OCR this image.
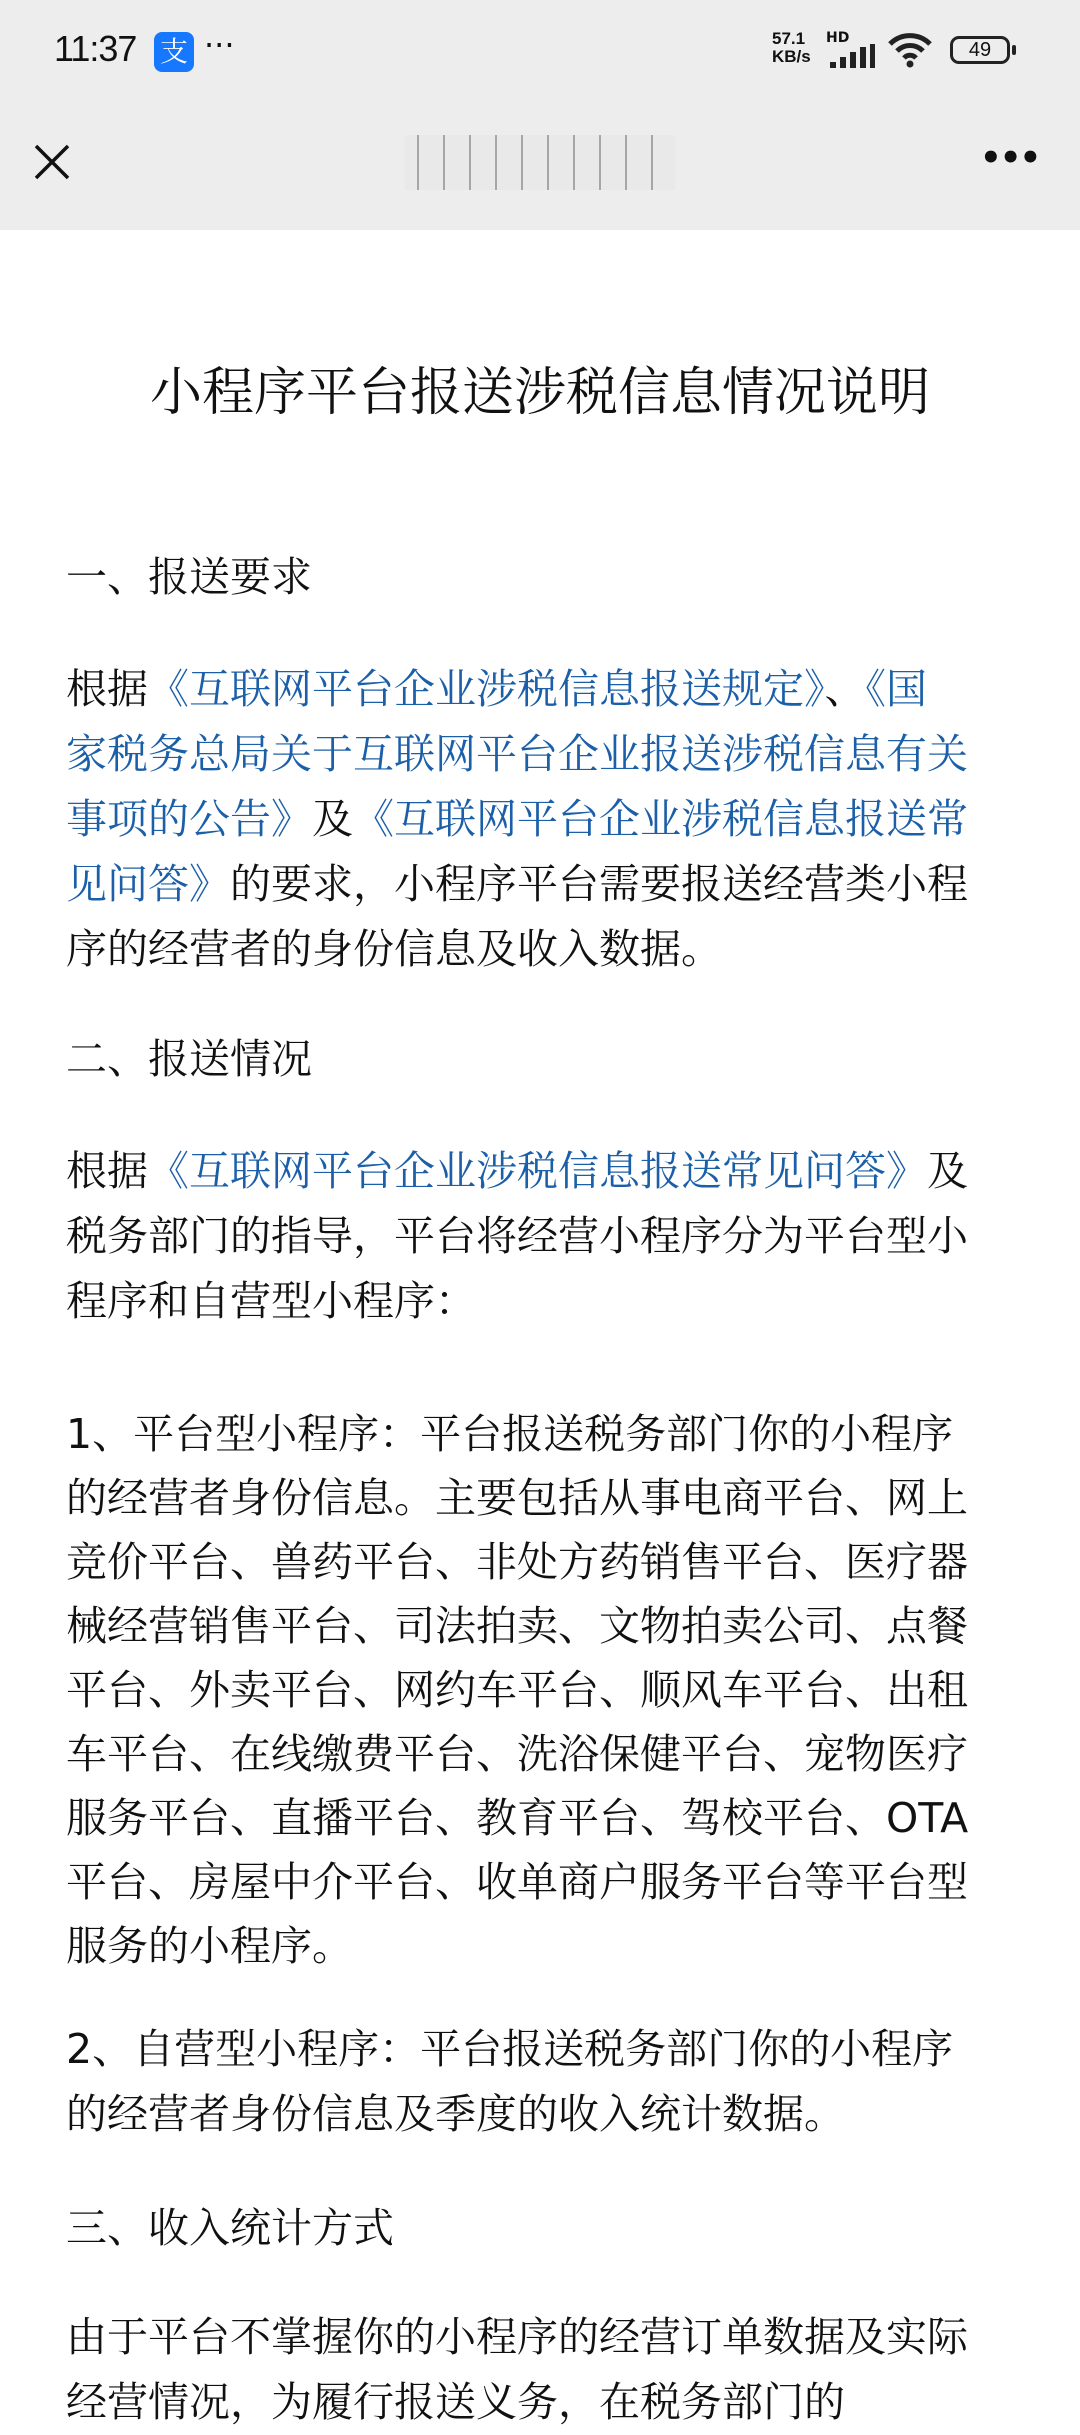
11:37 支 ···	57.1
KB/s
HD
49
•••
小程序平台报送涉税信息情况说明
一、报送要求
根据《互联网平台企业涉税信息报送规定》、《国
家税务总局关于互联网平台企业报送涉税信息有关
事项的公告》及《互联网平台企业涉税信息报送常
见问答》的要求，小程序平台需要报送经营类小程
序的经营者的身份信息及收入数据。
二、报送情况
根据《互联网平台企业涉税信息报送常见问答》及
税务部门的指导，平台将经营小程序分为平台型小
程序和自营型小程序：
1、平台型小程序：平台报送税务部门你的小程序
的经营者身份信息。主要包括从事电商平台、网上
竞价平台、兽药平台、非处方药销售平台、医疗器
械经营销售平台、司法拍卖、文物拍卖公司、点餐
平台、外卖平台、网约车平台、顺风车平台、出租
车平台、在线缴费平台、洗浴保健平台、宠物医疗
服务平台、直播平台、教育平台、驾校平台、OTA
平台、房屋中介平台、收单商户服务平台等平台型
服务的小程序。
2、自营型小程序：平台报送税务部门你的小程序
的经营者身份信息及季度的收入统计数据。
三、收入统计方式
由于平台不掌握你的小程序的经营订单数据及实际
经营情况，为履行报送义务，在税务部门的
